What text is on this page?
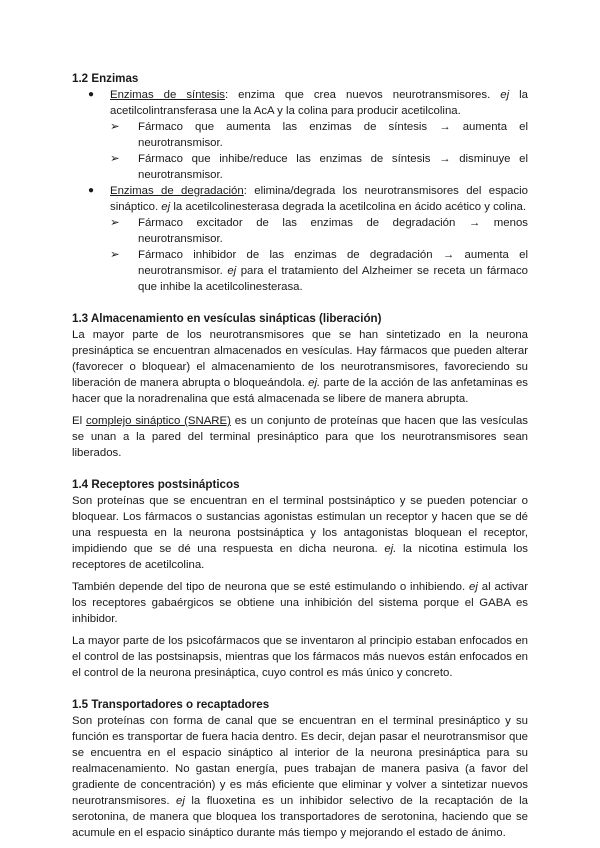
1.2 Enzimas
●	Enzimas de síntesis: enzima que crea nuevos neurotransmisores. ej la acetilcolintransferasa une la AcA y la colina para producir acetilcolina.

➢	Fármaco que aumenta las enzimas de síntesis → aumenta el neurotransmisor.

➢	Fármaco que inhibe/reduce las enzimas de síntesis → disminuye el neurotransmisor.

●	Enzimas de degradación: elimina/degrada los neurotransmisores del espacio sináptico. ej la acetilcolinesterasa degrada la acetilcolina en ácido acético y colina.

➢	Fármaco excitador de las enzimas de degradación → menos neurotransmisor.

➢	Fármaco inhibidor de las enzimas de degradación → aumenta el neurotransmisor. ej para el tratamiento del Alzheimer se receta un fármaco que inhibe la acetilcolinesterasa.

1.3 Almacenamiento en vesículas sinápticas (liberación)

La mayor parte de los neurotransmisores que se han sintetizado en la neurona presináptica se encuentran almacenados en vesículas. Hay fármacos que pueden alterar (favorecer o bloquear) el almacenamiento de los neurotransmisores, favoreciendo su liberación de manera abrupta o bloqueándola. ej. parte de la acción de las anfetaminas es hacer que la noradrenalina que está almacenada se libere de manera abrupta.

El complejo sináptico (SNARE) es un conjunto de proteínas que hacen que las vesículas se unan a la pared del terminal presináptico para que los neurotransmisores sean liberados.

1.4 Receptores postsinápticos

Son proteínas que se encuentran en el terminal postsináptico y se pueden potenciar o bloquear. Los fármacos o sustancias agonistas estimulan un receptor y hacen que se dé una respuesta en la neurona postsináptica y los antagonistas bloquean el receptor, impidiendo que se dé una respuesta en dicha neurona. ej. la nicotina estimula los receptores de acetilcolina.

También depende del tipo de neurona que se esté estimulando o inhibiendo. ej al activar los receptores gabaérgicos se obtiene una inhibición del sistema porque el GABA es inhibidor.

La mayor parte de los psicofármacos que se inventaron al principio estaban enfocados en el control de las postsinapsis, mientras que los fármacos más nuevos están enfocados en el control de la neurona presináptica, cuyo control es más único y concreto.

1.5 Transportadores o recaptadores

Son proteínas con forma de canal que se encuentran en el terminal presináptico y su función es transportar de fuera hacia dentro. Es decir, dejan pasar el neurotransmisor que se encuentra en el espacio sináptico al interior de la neurona presináptica para su realmacenamiento. No gastan energía, pues trabajan de manera pasiva (a favor del gradiente de concentración) y es más eficiente que eliminar y volver a sintetizar nuevos neurotransmisores. ej la fluoxetina es un inhibidor selectivo de la recaptación de la serotonina, de manera que bloquea los transportadores de serotonina, haciendo que se acumule en el espacio sináptico durante más tiempo y mejorando el estado de ánimo.
